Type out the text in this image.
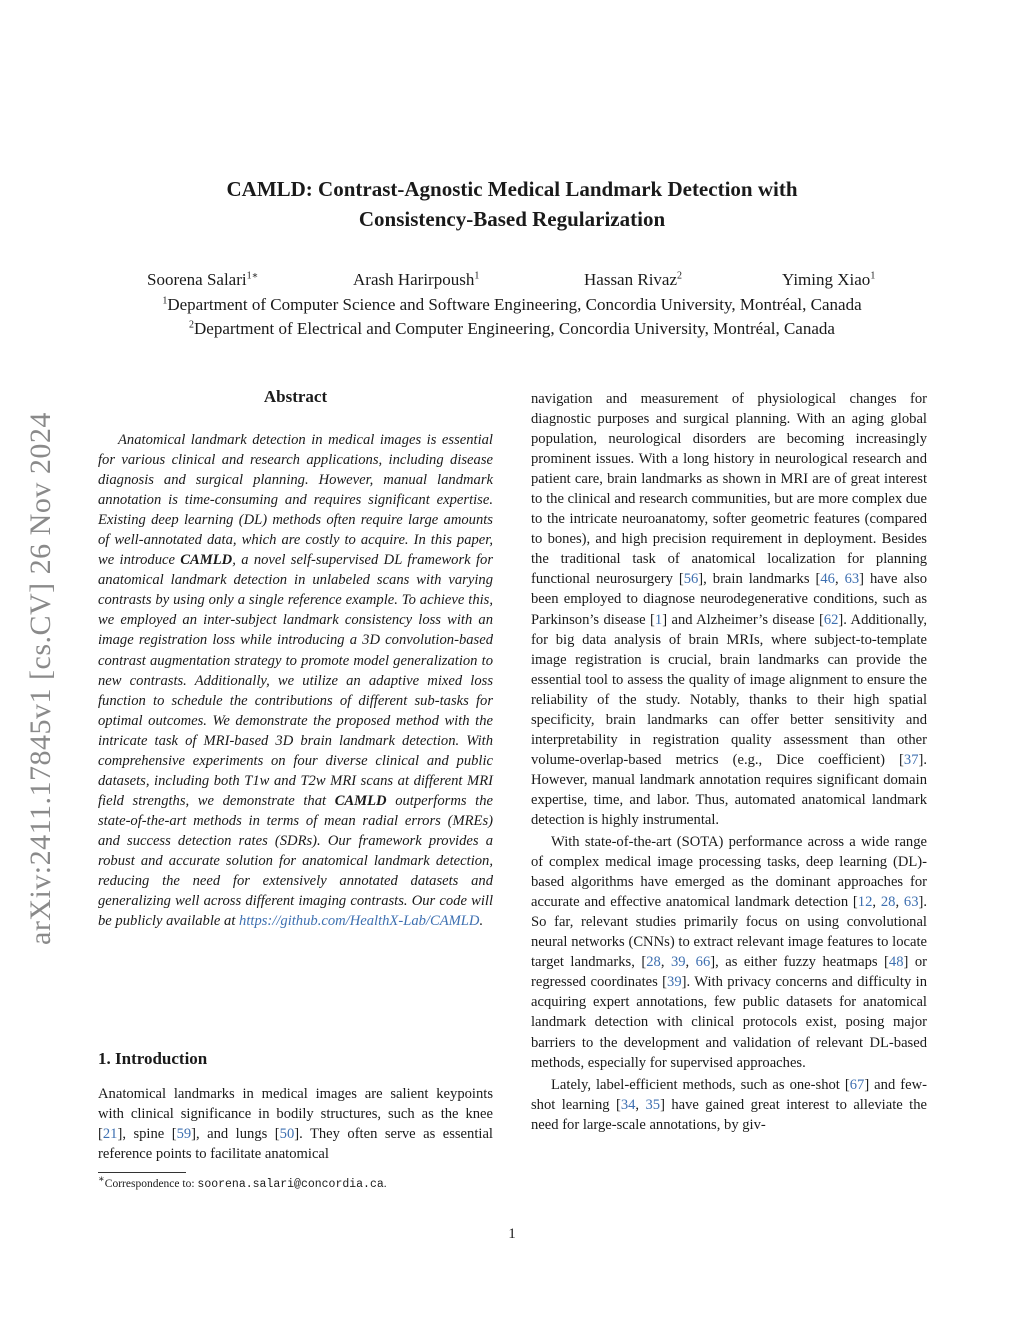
arXiv:2411.17845v1 [cs.CV] 26 Nov 2024
CAMLD: Contrast-Agnostic Medical Landmark Detection with
Consistency-Based Regularization
Soorena Salari$^{1∗}$	Arash Harirpoush$^1$	Hassan Rivaz$^2$	Yiming Xiao$^1$
$^1$Department of Computer Science and Software Engineering, Concordia University, Montréal, Canada
$^2$Department of Electrical and Computer Engineering, Concordia University, Montréal, Canada
Abstract

Anatomical landmark detection in medical images is essential for various clinical and research applications, including disease diagnosis and surgical planning. However, manual landmark annotation is time-consuming and requires significant expertise. Existing deep learning (DL) methods often require large amounts of well-annotated data, which are costly to acquire. In this paper, we introduce CAMLD, a novel self-supervised DL framework for anatomical landmark detection in unlabeled scans with varying contrasts by using only a single reference example. To achieve this, we employed an inter-subject landmark consistency loss with an image registration loss while introducing a 3D convolution-based contrast augmentation strategy to promote model generalization to new contrasts. Additionally, we utilize an adaptive mixed loss function to schedule the contributions of different sub-tasks for optimal outcomes. We demonstrate the proposed method with the intricate task of MRI-based 3D brain landmark detection. With comprehensive experiments on four diverse clinical and public datasets, including both T1w and T2w MRI scans at different MRI field strengths, we demonstrate that CAMLD outperforms the state-of-the-art methods in terms of mean radial errors (MREs) and success detection rates (SDRs). Our framework provides a robust and accurate solution for anatomical landmark detection, reducing the need for extensively annotated datasets and generalizing well across different imaging contrasts. Our code will be publicly available at https://github.com/HealthX-Lab/CAMLD.

1. Introduction

Anatomical landmarks in medical images are salient keypoints with clinical significance in bodily structures, such as the knee [21], spine [59], and lungs [50]. They often serve as essential reference points to facilitate anatomical

∗Correspondence to: soorena.salari@concordia.ca.

navigation and measurement of physiological changes for diagnostic purposes and surgical planning. With an aging global population, neurological disorders are becoming increasingly prominent issues. With a long history in neurological research and patient care, brain landmarks as shown in MRI are of great interest to the clinical and research communities, but are more complex due to the intricate neuroanatomy, softer geometric features (compared to bones), and high precision requirement in deployment. Besides the traditional task of anatomical localization for planning functional neurosurgery [56], brain landmarks [46, 63] have also been employed to diagnose neurodegenerative conditions, such as Parkinson’s disease [1] and Alzheimer’s disease [62]. Additionally, for big data analysis of brain MRIs, where subject-to-template image registration is crucial, brain landmarks can provide the essential tool to assess the quality of image alignment to ensure the reliability of the study. Notably, thanks to their high spatial specificity, brain landmarks can offer better sensitivity and interpretability in registration quality assessment than other volume-overlap-based metrics (e.g., Dice coefficient) [37]. However, manual landmark annotation requires significant domain expertise, time, and labor. Thus, automated anatomical landmark detection is highly instrumental.

With state-of-the-art (SOTA) performance across a wide range of complex medical image processing tasks, deep learning (DL)-based algorithms have emerged as the dominant approaches for accurate and effective anatomical landmark detection [12, 28, 63]. So far, relevant studies primarily focus on using convolutional neural networks (CNNs) to extract relevant image features to locate target landmarks, [28, 39, 66], as either fuzzy heatmaps [48] or regressed coordinates [39]. With privacy concerns and difficulty in acquiring expert annotations, few public datasets for anatomical landmark detection with clinical protocols exist, posing major barriers to the development and validation of relevant DL-based methods, especially for supervised approaches.

Lately, label-efficient methods, such as one-shot [67] and few-shot learning [34, 35] have gained great interest to alleviate the need for large-scale annotations, by giv-

1
